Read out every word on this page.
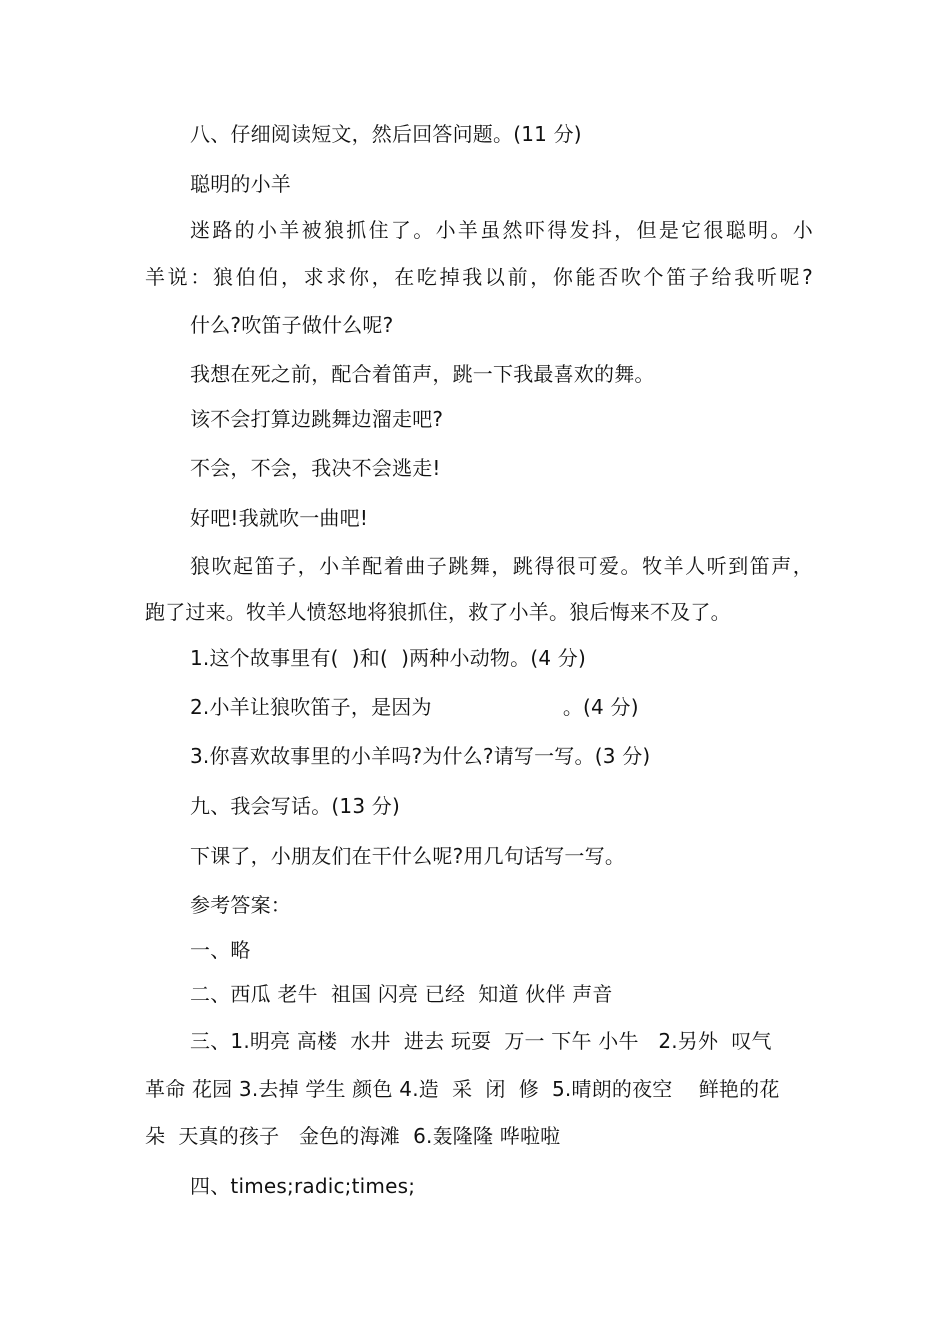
八、仔细阅读短文，然后回答问题。(11 分)
聪明的小羊
迷路的小羊被狼抓住了。小羊虽然吓得发抖，但是它很聪明。小
羊说：狼伯伯，求求你，在吃掉我以前，你能否吹个笛子给我听呢?
什么?吹笛子做什么呢?
我想在死之前，配合着笛声，跳一下我最喜欢的舞。
该不会打算边跳舞边溜走吧?
不会，不会，我决不会逃走!
好吧!我就吹一曲吧!
狼吹起笛子，小羊配着曲子跳舞，跳得很可爱。牧羊人听到笛声，
跑了过来。牧羊人愤怒地将狼抓住，救了小羊。狼后悔来不及了。
1.这个故事里有(  )和(  )两种小动物。(4 分)
2.小羊让狼吹笛子，是因为                    。(4 分)
3.你喜欢故事里的小羊吗?为什么?请写一写。(3 分)
九、我会写话。(13 分)
下课了，小朋友们在干什么呢?用几句话写一写。
参考答案：
一、略
二、西瓜 老牛  祖国 闪亮 已经  知道 伙伴 声音
三、1.明亮 高楼  水井  进去 玩耍  万一 下午 小牛   2.另外  叹气
革命 花园 3.去掉 学生 颜色 4.造  采  闭  修  5.晴朗的夜空    鲜艳的花
朵  天真的孩子   金色的海滩  6.轰隆隆 哗啦啦
四、times;radic;times;
